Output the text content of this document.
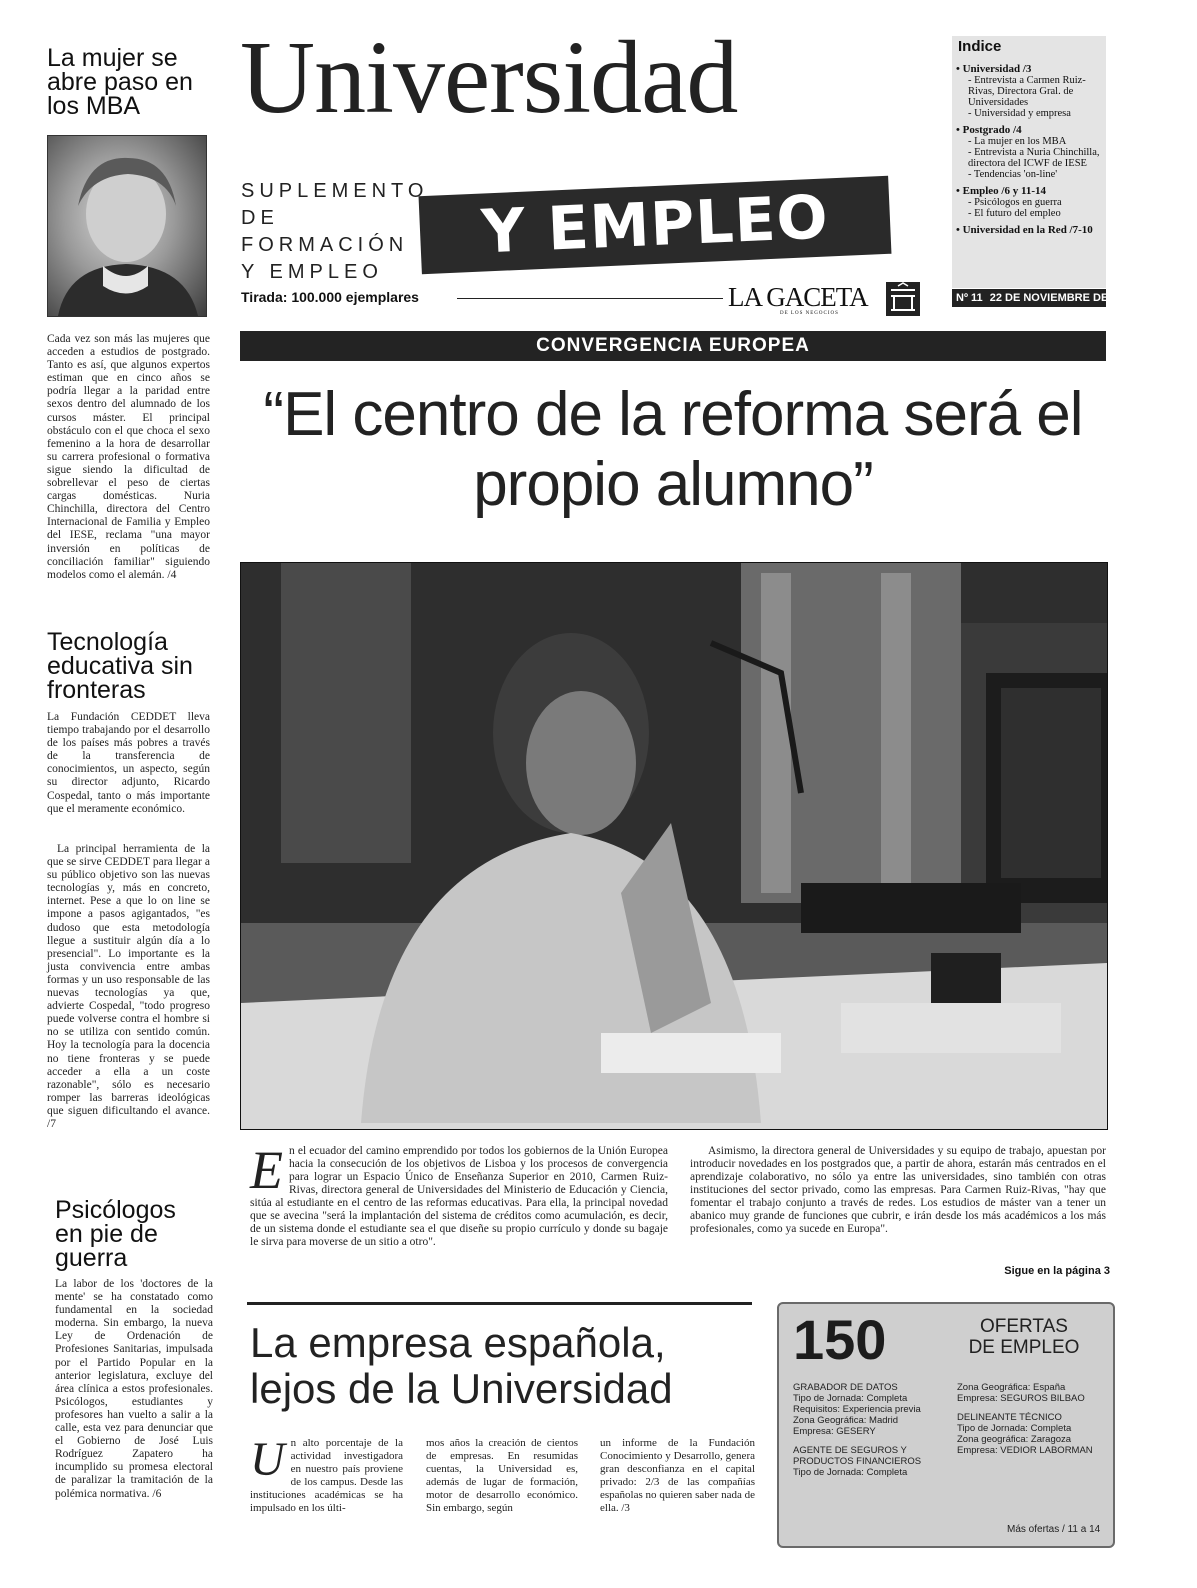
La mujer se abre paso en los MBA
Cada vez son más las mujeres que acceden a estudios de postgrado. Tanto es así, que algunos expertos estiman que en cinco años se podría llegar a la paridad entre sexos dentro del alumnado de los cursos máster. El principal obstáculo con el que choca el sexo femenino a la hora de desarrollar su carrera profesional o formativa sigue siendo la dificultad de sobrellevar el peso de ciertas cargas domésticas. Nuria Chinchilla, directora del Centro Internacional de Familia y Empleo del IESE, reclama "una mayor inversión en políticas de conciliación familiar" siguiendo modelos como el alemán. /4
Tecnología educativa sin fronteras
La Fundación CEDDET lleva tiempo trabajando por el desarrollo de los países más pobres a través de la transferencia de conocimientos, un aspecto, según su director adjunto, Ricardo Cospedal, tanto o más importante que el meramente económico.
La principal herramienta de la que se sirve CEDDET para llegar a su público objetivo son las nuevas tecnologías y, más en concreto, internet. Pese a que lo on line se impone a pasos agigantados, "es dudoso que esta metodología llegue a sustituir algún día a lo presencial". Lo importante es la justa convivencia entre ambas formas y un uso responsable de las nuevas tecnologías ya que, advierte Cospedal, "todo progreso puede volverse contra el hombre si no se utiliza con sentido común. Hoy la tecnología para la docencia no tiene fronteras y se puede acceder a ella a un coste razonable", sólo es necesario romper las barreras ideológicas que siguen dificultando el avance. /7
Psicólogos en pie de guerra
La labor de los 'doctores de la mente' se ha constatado como fundamental en la sociedad moderna. Sin embargo, la nueva Ley de Ordenación de Profesiones Sanitarias, impulsada por el Partido Popular en la anterior legislatura, excluye del área clínica a estos profesionales. Psicólogos, estudiantes y profesores han vuelto a salir a la calle, esta vez para denunciar que el Gobierno de José Luis Rodríguez Zapatero ha incumplido su promesa electoral de paralizar la tramitación de la polémica normativa. /6
Universidad
SUPLEMENTO
DE FORMACIÓN
Y EMPLEO
Y EMPLEO
Tirada: 100.000 ejemplares	LA GACETA
DE LOS NEGOCIOS
Indice
• Universidad /3
- Entrevista a Carmen Ruiz-Rivas, Directora Gral. de Universidades
- Universidad y empresa
• Postgrado /4
- La mujer en los MBA
- Entrevista a Nuria Chinchilla, directora del ICWF de IESE
- Tendencias 'on-line'
• Empleo /6 y 11-14
- Psicólogos en guerra
- El futuro del empleo
• Universidad en la Red /7-10
Nº 11 22 DE NOVIEMBRE DE 2004
CONVERGENCIA EUROPEA
“El centro de la reforma será el propio alumno”
En el ecuador del camino emprendido por todos los gobiernos de la Unión Europea hacia la consecución de los objetivos de Lisboa y los procesos de convergencia para lograr un Espacio Único de Enseñanza Superior en 2010, Carmen Ruiz-Rivas, directora general de Universidades del Ministerio de Educación y Ciencia, sitúa al estudiante en el centro de las reformas educativas. Para ella, la principal novedad que se avecina "será la implantación del sistema de créditos como acumulación, es decir, de un sistema donde el estudiante sea el que diseñe su propio currículo y donde su bagaje le sirva para moverse de un sitio a otro".
Asimismo, la directora general de Universidades y su equipo de trabajo, apuestan por introducir novedades en los postgrados que, a partir de ahora, estarán más centrados en el aprendizaje colaborativo, no sólo ya entre las universidades, sino también con otras instituciones del sector privado, como las empresas. Para Carmen Ruiz-Rivas, "hay que fomentar el trabajo conjunto a través de redes. Los estudios de máster van a tener un abanico muy grande de funciones que cubrir, e irán desde los más académicos a los más profesionales, como ya sucede en Europa".
Sigue en la página 3
La empresa española, lejos de la Universidad
Un alto porcentaje de la actividad investigadora en nuestro país proviene de los campus. Desde las instituciones académicas se ha impulsado en los últi-
mos años la creación de cientos de empresas. En resumidas cuentas, la Universidad es, además de lugar de formación, motor de desarrollo económico. Sin embargo, según
un informe de la Fundación Conocimiento y Desarrollo, genera gran desconfianza en el capital privado: 2/3 de las compañías españolas no quieren saber nada de ella. /3
150	OFERTAS
DE EMPLEO
GRABADOR DE DATOS
Tipo de Jornada: Completa
Requisitos: Experiencia previa
Zona Geográfica: Madrid
Empresa: GESERY
AGENTE DE SEGUROS Y PRODUCTOS FINANCIEROS
Tipo de Jornada: Completa
Zona Geográfica: España
Empresa: SEGUROS BILBAO
DELINEANTE TÉCNICO
Tipo de Jornada: Completa
Zona geográfica: Zaragoza
Empresa: VEDIOR LABORMAN
Más ofertas / 11 a 14
